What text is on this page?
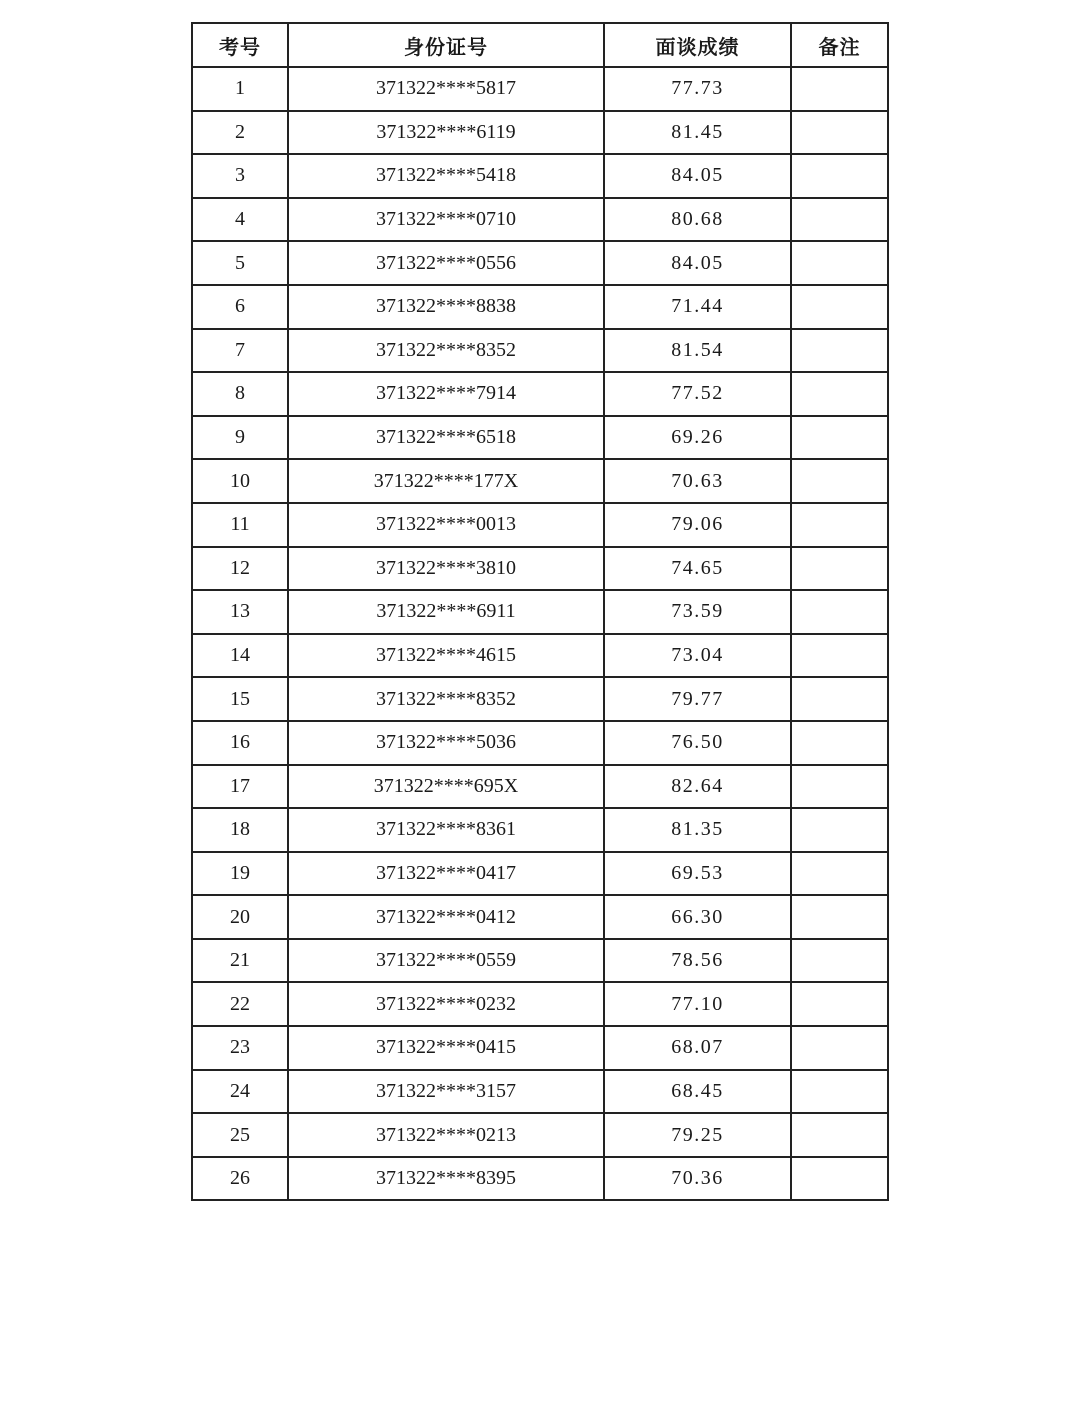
考号	身份证号	面谈成绩	备注
1	371322****5817	77.73	
2	371322****6119	81.45	
3	371322****5418	84.05	
4	371322****0710	80.68	
5	371322****0556	84.05	
6	371322****8838	71.44	
7	371322****8352	81.54	
8	371322****7914	77.52	
9	371322****6518	69.26	
10	371322****177X	70.63	
11	371322****0013	79.06	
12	371322****3810	74.65	
13	371322****6911	73.59	
14	371322****4615	73.04	
15	371322****8352	79.77	
16	371322****5036	76.50	
17	371322****695X	82.64	
18	371322****8361	81.35	
19	371322****0417	69.53	
20	371322****0412	66.30	
21	371322****0559	78.56	
22	371322****0232	77.10	
23	371322****0415	68.07	
24	371322****3157	68.45	
25	371322****0213	79.25	
26	371322****8395	70.36	
